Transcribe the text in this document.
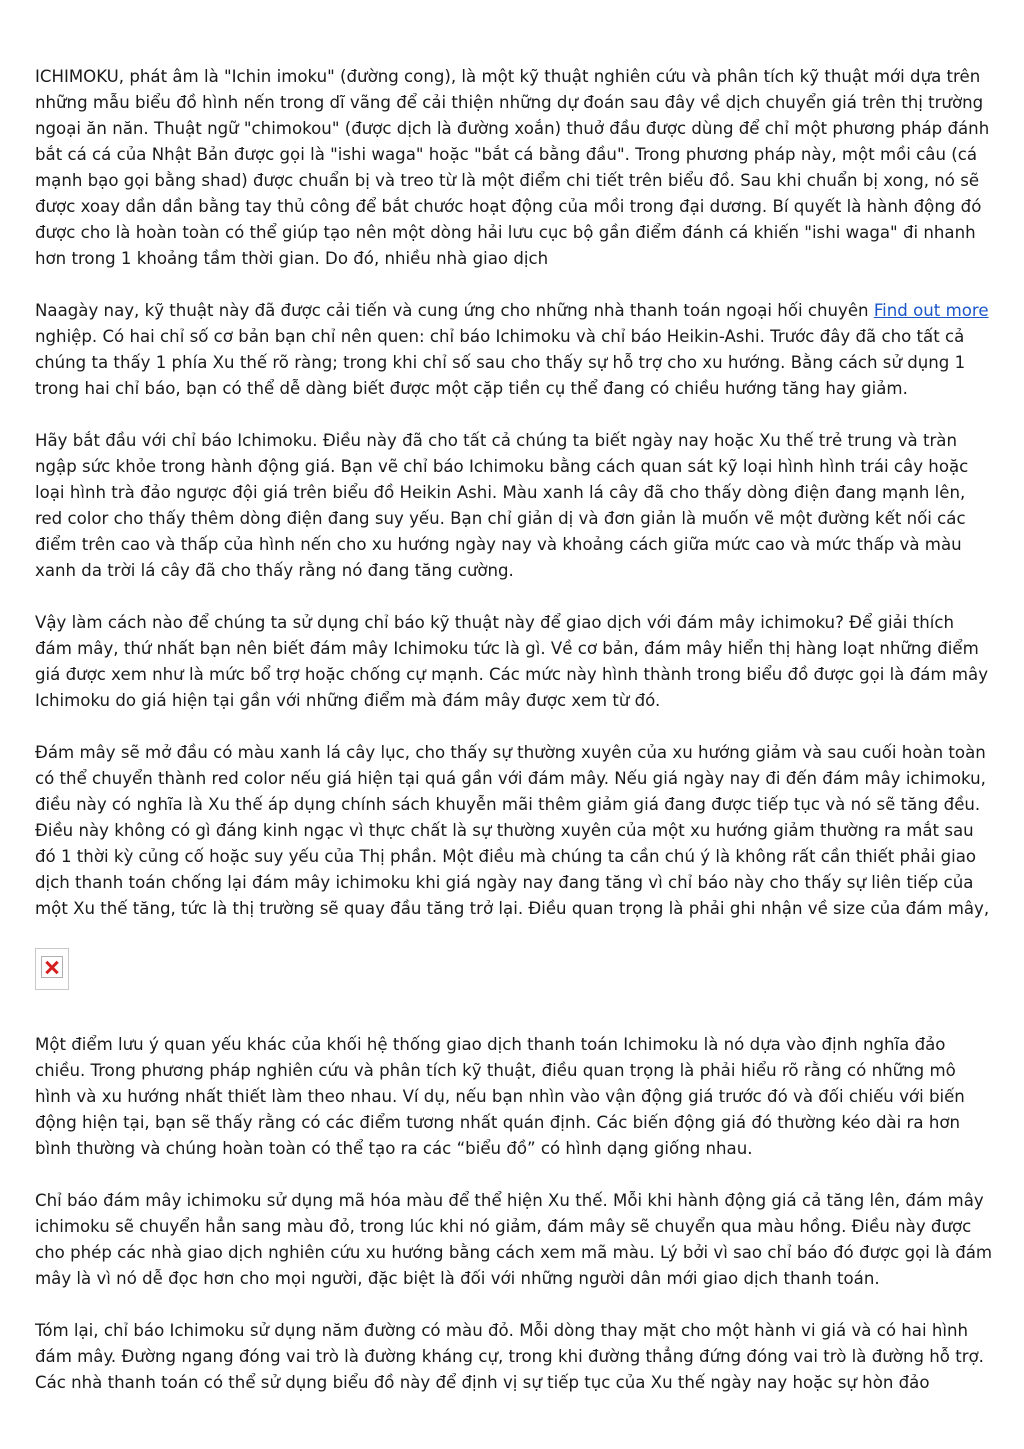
ICHIMOKU, phát âm là "Ichin imoku" (đường cong), là một kỹ thuật nghiên cứu và phân tích kỹ thuật mới dựa trên những mẫu biểu đồ hình nến trong dĩ vãng để cải thiện những dự đoán sau đây về dịch chuyển giá trên thị trường ngoại ăn năn. Thuật ngữ "chimokou" (được dịch là đường xoắn) thuở đầu được dùng để chỉ một phương pháp đánh bắt cá cá của Nhật Bản được gọi là "ishi waga" hoặc "bắt cá bằng đầu". Trong phương pháp này, một mồi câu (cá mạnh bạo gọi bằng shad) được chuẩn bị và treo từ là một điểm chi tiết trên biểu đồ. Sau khi chuẩn bị xong, nó sẽ được xoay dần dần bằng tay thủ công để bắt chước hoạt động của mồi trong đại dương. Bí quyết là hành động đó được cho là hoàn toàn có thể giúp tạo nên một dòng hải lưu cục bộ gần điểm đánh cá khiến "ishi waga" đi nhanh hơn trong 1 khoảng tầm thời gian. Do đó, nhiều nhà giao dịch

Naagày nay, kỹ thuật này đã được cải tiến và cung ứng cho những nhà thanh toán ngoại hối chuyên Find out more nghiệp. Có hai chỉ số cơ bản bạn chỉ nên quen: chỉ báo Ichimoku và chỉ báo Heikin-Ashi. Trước đây đã cho tất cả chúng ta thấy 1 phía Xu thế rõ ràng; trong khi chỉ số sau cho thấy sự hỗ trợ cho xu hướng. Bằng cách sử dụng 1 trong hai chỉ báo, bạn có thể dễ dàng biết được một cặp tiền cụ thể đang có chiều hướng tăng hay giảm.

Hãy bắt đầu với chỉ báo Ichimoku. Điều này đã cho tất cả chúng ta biết ngày nay hoặc Xu thế trẻ trung và tràn ngập sức khỏe trong hành động giá. Bạn vẽ chỉ báo Ichimoku bằng cách quan sát kỹ loại hình hình trái cây hoặc loại hình trà đảo ngược đội giá trên biểu đồ Heikin Ashi. Màu xanh lá cây đã cho thấy dòng điện đang mạnh lên, red color cho thấy thêm dòng điện đang suy yếu. Bạn chỉ giản dị và đơn giản là muốn vẽ một đường kết nối các điểm trên cao và thấp của hình nến cho xu hướng ngày nay và khoảng cách giữa mức cao và mức thấp và màu xanh da trời lá cây đã cho thấy rằng nó đang tăng cường.

Vậy làm cách nào để chúng ta sử dụng chỉ báo kỹ thuật này để giao dịch với đám mây ichimoku? Để giải thích đám mây, thứ nhất bạn nên biết đám mây Ichimoku tức là gì. Về cơ bản, đám mây hiển thị hàng loạt những điểm giá được xem như là mức bổ trợ hoặc chống cự mạnh. Các mức này hình thành trong biểu đồ được gọi là đám mây Ichimoku do giá hiện tại gần với những điểm mà đám mây được xem từ đó.

Đám mây sẽ mở đầu có màu xanh lá cây lục, cho thấy sự thường xuyên của xu hướng giảm và sau cuối hoàn toàn có thể chuyển thành red color nếu giá hiện tại quá gần với đám mây. Nếu giá ngày nay đi đến đám mây ichimoku, điều này có nghĩa là Xu thế áp dụng chính sách khuyễn mãi thêm giảm giá đang được tiếp tục và nó sẽ tăng đều. Điều này không có gì đáng kinh ngạc vì thực chất là sự thường xuyên của một xu hướng giảm thường ra mắt sau đó 1 thời kỳ củng cố hoặc suy yếu của Thị phần. Một điều mà chúng ta cần chú ý là không rất cần thiết phải giao dịch thanh toán chống lại đám mây ichimoku khi giá ngày nay đang tăng vì chỉ báo này cho thấy sự liên tiếp của một Xu thế tăng, tức là thị trường sẽ quay đầu tăng trở lại. Điều quan trọng là phải ghi nhận về size của đám mây,

Một điểm lưu ý quan yếu khác của khối hệ thống giao dịch thanh toán Ichimoku là nó dựa vào định nghĩa đảo chiều. Trong phương pháp nghiên cứu và phân tích kỹ thuật, điều quan trọng là phải hiểu rõ rằng có những mô hình và xu hướng nhất thiết làm theo nhau. Ví dụ, nếu bạn nhìn vào vận động giá trước đó và đối chiếu với biến động hiện tại, bạn sẽ thấy rằng có các điểm tương nhất quán định. Các biến động giá đó thường kéo dài ra hơn bình thường và chúng hoàn toàn có thể tạo ra các “biểu đồ” có hình dạng giống nhau.

Chỉ báo đám mây ichimoku sử dụng mã hóa màu để thể hiện Xu thế. Mỗi khi hành động giá cả tăng lên, đám mây ichimoku sẽ chuyển hẳn sang màu đỏ, trong lúc khi nó giảm, đám mây sẽ chuyển qua màu hồng. Điều này được cho phép các nhà giao dịch nghiên cứu xu hướng bằng cách xem mã màu. Lý bởi vì sao chỉ báo đó được gọi là đám mây là vì nó dễ đọc hơn cho mọi người, đặc biệt là đối với những người dân mới giao dịch thanh toán.

Tóm lại, chỉ báo Ichimoku sử dụng năm đường có màu đỏ. Mỗi dòng thay mặt cho một hành vi giá và có hai hình đám mây. Đường ngang đóng vai trò là đường kháng cự, trong khi đường thẳng đứng đóng vai trò là đường hỗ trợ. Các nhà thanh toán có thể sử dụng biểu đồ này để định vị sự tiếp tục của Xu thế ngày nay hoặc sự hòn đảo
